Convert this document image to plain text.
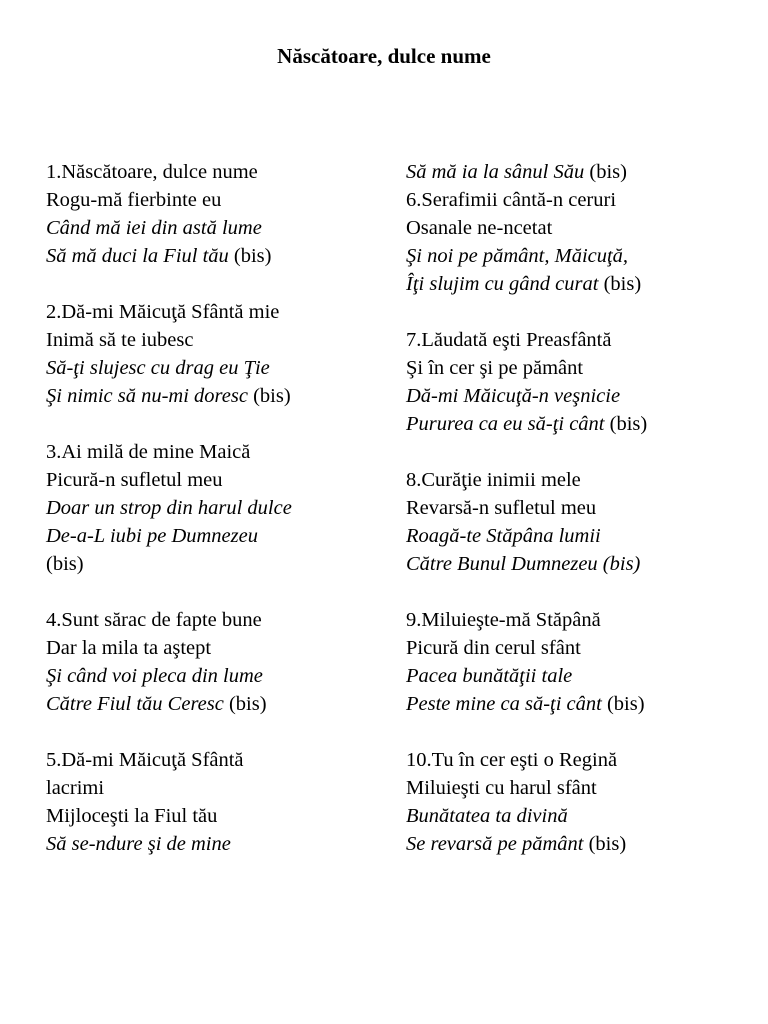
Născătoare, dulce nume
1.Născătoare, dulce nume
Rogu-mă fierbinte eu
Când mă iei din astă lume
Să mă duci la Fiul tău (bis)
2.Dă-mi Măicuţă Sfântă mie
Inimă să te iubesc
Să-ţi slujesc cu drag eu Ţie
Şi nimic să nu-mi doresc (bis)
3.Ai milă de mine Maică
Picură-n sufletul meu
Doar un strop din harul dulce
De-a-L iubi pe Dumnezeu
(bis)
4.Sunt sărac de fapte bune
Dar la mila ta aştept
Şi când voi pleca din lume
Către Fiul tău Ceresc (bis)
5.Dă-mi Măicuţă Sfântă
lacrimi
Mijloceşti la Fiul tău
Să se-ndure şi de mine
Să mă ia la sânul Său (bis)
6.Serafimii cântă-n ceruri
Osanale ne-ncetat
Şi noi pe pământ, Măicuţă,
Îţi slujim cu gând curat (bis)
7.Lăudată eşti Preasfântă
Şi în cer şi pe pământ
Dă-mi Măicuţă-n veşnicie
Pururea ca eu să-ţi cânt (bis)
8.Curăţie inimii mele
Revarsă-n sufletul meu
Roagă-te Stăpâna lumii
Către Bunul Dumnezeu (bis)
9.Miluieşte-mă Stăpână
Picură din cerul sfânt
Pacea bunătăţii tale
Peste mine ca să-ţi cânt (bis)
10.Tu în cer eşti o Regină
Miluieşti cu harul sfânt
Bunătatea ta divină
Se revarsă pe pământ (bis)
